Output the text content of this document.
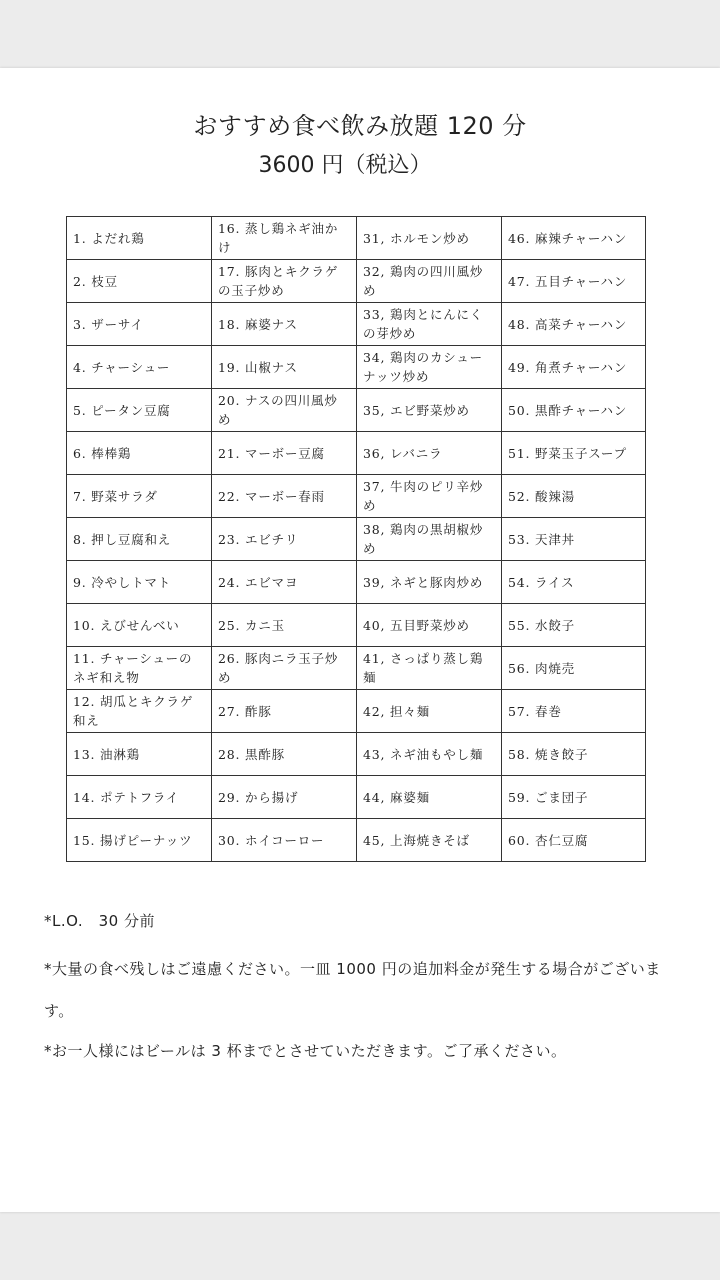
おすすめ食べ飲み放題 120 分
3600 円（税込）
1. よだれ鶏	16. 蒸し鶏ネギ油かけ	31, ホルモン炒め	46. 麻辣チャーハン
2. 枝豆	17. 豚肉とキクラゲの玉子炒め	32, 鶏肉の四川風炒め	47. 五目チャーハン
3. ザーサイ	18. 麻婆ナス	33, 鶏肉とにんにくの芽炒め	48. 高菜チャーハン
4. チャーシュー	19. 山椒ナス	34, 鶏肉のカシューナッツ炒め	49. 角煮チャーハン
5. ピータン豆腐	20. ナスの四川風炒め	35, エビ野菜炒め	50. 黒酢チャーハン
6. 棒棒鶏	21. マーボー豆腐	36, レバニラ	51. 野菜玉子スープ
7. 野菜サラダ	22. マーボー春雨	37, 牛肉のピリ辛炒め	52. 酸辣湯
8. 押し豆腐和え	23. エビチリ	38, 鶏肉の黒胡椒炒め	53. 天津丼
9. 冷やしトマト	24. エビマヨ	39, ネギと豚肉炒め	54. ライス
10. えびせんべい	25. カニ玉	40, 五目野菜炒め	55. 水餃子
11. チャーシューのネギ和え物	26. 豚肉ニラ玉子炒め	41, さっぱり蒸し鶏麺	56. 肉焼売
12. 胡瓜とキクラゲ和え	27. 酢豚	42, 担々麺	57. 春巻
13. 油淋鶏	28. 黒酢豚	43, ネギ油もやし麺	58. 焼き餃子
14. ポテトフライ	29. から揚げ	44, 麻婆麺	59. ごま団子
15. 揚げピーナッツ	30. ホイコーロー	45, 上海焼きそば	60. 杏仁豆腐
*L.O.　30 分前
*大量の食べ残しはご遠慮ください。一皿 1000 円の追加料金が発生する場合がございます。
*お一人様にはビールは 3 杯までとさせていただきます。ご了承ください。
